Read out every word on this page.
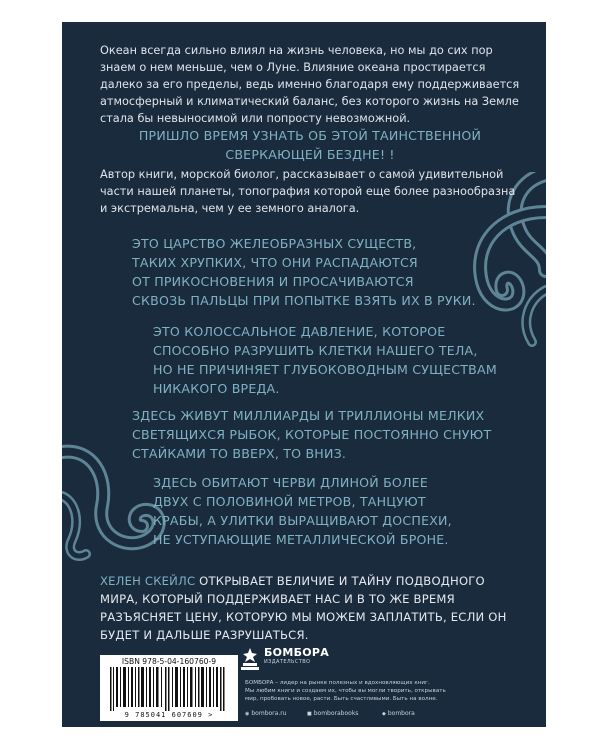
Океан всегда сильно влиял на жизнь человека, но мы до сих пор
знаем о нем меньше, чем о Луне. Влияние океана простирается
далеко за его пределы, ведь именно благодаря ему поддерживается
атмосферный и климатический баланс, без которого жизнь на Земле
стала бы невыносимой или попросту невозможной.

ПРИШЛО ВРЕМЯ УЗНАТЬ ОБ ЭТОЙ ТАИНСТВЕННОЙ
СВЕРКАЮЩЕЙ БЕЗДНЕ! !

Автор книги, морской биолог, рассказывает о самой удивительной
части нашей планеты, топография которой еще более разнообразна
и экстремальна, чем у ее земного аналога.

ЭТО ЦАРСТВО ЖЕЛЕОБРАЗНЫХ СУЩЕСТВ,
ТАКИХ ХРУПКИХ, ЧТО ОНИ РАСПАДАЮТСЯ
ОТ ПРИКОСНОВЕНИЯ И ПРОСАЧИВАЮТСЯ
СКВОЗЬ ПАЛЬЦЫ ПРИ ПОПЫТКЕ ВЗЯТЬ ИХ В РУКИ.

ЭТО КОЛОССАЛЬНОЕ ДАВЛЕНИЕ, КОТОРОЕ
СПОСОБНО РАЗРУШИТЬ КЛЕТКИ НАШЕГО ТЕЛА,
НО НЕ ПРИЧИНЯЕТ ГЛУБОКОВОДНЫМ СУЩЕСТВАМ
НИКАКОГО ВРЕДА.

ЗДЕСЬ ЖИВУТ МИЛЛИАРДЫ И ТРИЛЛИОНЫ МЕЛКИХ
СВЕТЯЩИХСЯ РЫБОК, КОТОРЫЕ ПОСТОЯННО СНУЮТ
СТАЙКАМИ ТО ВВЕРХ, ТО ВНИЗ.

ЗДЕСЬ ОБИТАЮТ ЧЕРВИ ДЛИНОЙ БОЛЕЕ
ДВУХ С ПОЛОВИНОЙ МЕТРОВ, ТАНЦУЮТ
КРАБЫ, А УЛИТКИ ВЫРАЩИВАЮТ ДОСПЕХИ,
НЕ УСТУПАЮЩИЕ МЕТАЛЛИЧЕСКОЙ БРОНЕ.

ХЕЛЕН СКЕЙЛС ОТКРЫВАЕТ ВЕЛИЧИЕ И ТАЙНУ ПОДВОДНОГО МИРА, КОТОРЫЙ ПОДДЕРЖИВАЕТ НАС И В ТО ЖЕ ВРЕМЯ РАЗЪЯСНЯЕТ ЦЕНУ, КОТОРУЮ МЫ МОЖЕМ ЗАПЛАТИТЬ, ЕСЛИ ОН БУДЕТ И ДАЛЬШЕ РАЗРУШАТЬСЯ.

ISBN 978-5-04-160760-9
9 785041 607609 >
БОМБОРА
ИЗДАТЕЛЬСТВО

БОМБОРА – лидер на рынке полезных и вдохновляющих книг.
Мы любим книги и создаем их, чтобы вы могли творить, открывать
мир, пробовать новое, расти. Быть счастливыми. Быть на волне.

◉ bombora.ru	■ bomborabooks	◆ bombora
